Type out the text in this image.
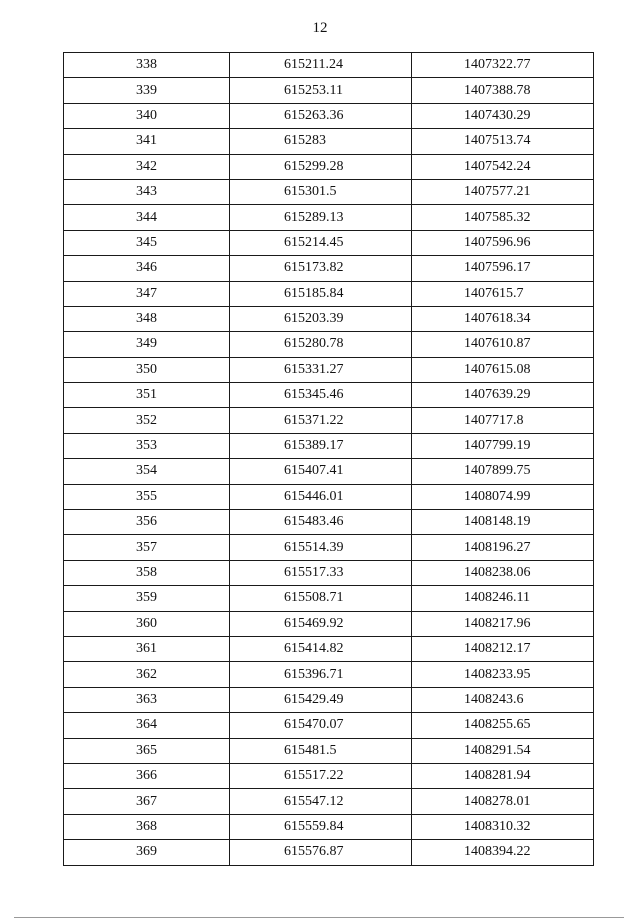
12
338	615211.24	1407322.77
339	615253.11	1407388.78
340	615263.36	1407430.29
341	615283	1407513.74
342	615299.28	1407542.24
343	615301.5	1407577.21
344	615289.13	1407585.32
345	615214.45	1407596.96
346	615173.82	1407596.17
347	615185.84	1407615.7
348	615203.39	1407618.34
349	615280.78	1407610.87
350	615331.27	1407615.08
351	615345.46	1407639.29
352	615371.22	1407717.8
353	615389.17	1407799.19
354	615407.41	1407899.75
355	615446.01	1408074.99
356	615483.46	1408148.19
357	615514.39	1408196.27
358	615517.33	1408238.06
359	615508.71	1408246.11
360	615469.92	1408217.96
361	615414.82	1408212.17
362	615396.71	1408233.95
363	615429.49	1408243.6
364	615470.07	1408255.65
365	615481.5	1408291.54
366	615517.22	1408281.94
367	615547.12	1408278.01
368	615559.84	1408310.32
369	615576.87	1408394.22
